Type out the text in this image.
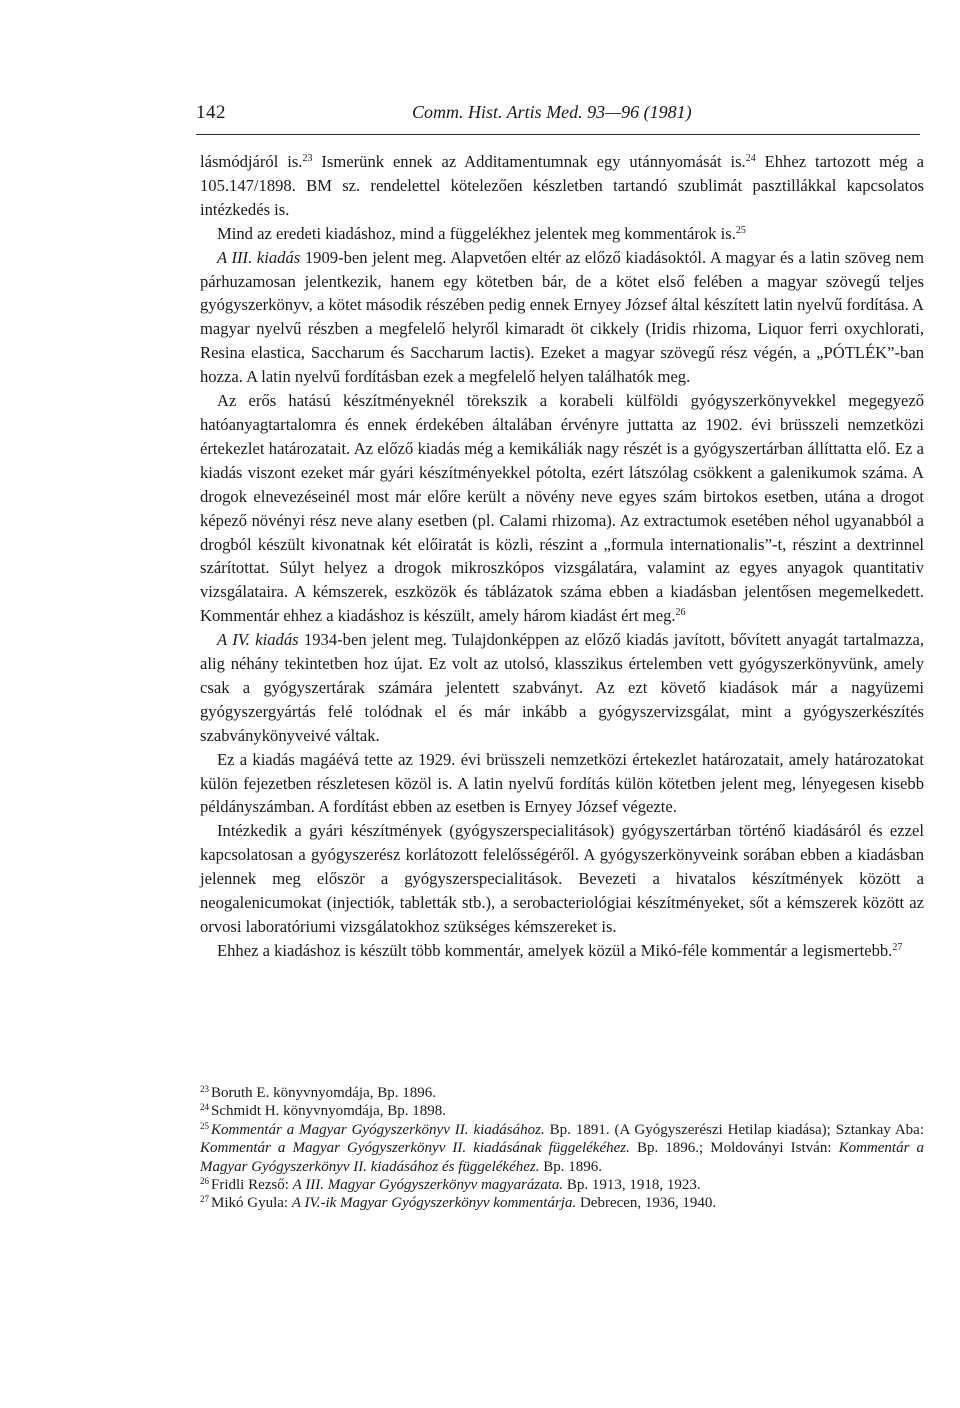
142	Comm. Hist. Artis Med. 93—96 (1981)

lásmódjáról is.$^{23}$ Ismerünk ennek az Additamentumnak egy utánnyomását is.$^{24}$ Ehhez tartozott még a 105.147/1898. BM sz. rendelettel kötelezően készletben tartandó szublimát pasztillákkal kapcsolatos intézkedés is.

Mind az eredeti kiadáshoz, mind a függelékhez jelentek meg kommentárok is.$^{25}$

A III. kiadás 1909-ben jelent meg. Alapvetően eltér az előző kiadásoktól. A magyar és a latin szöveg nem párhuzamosan jelentkezik, hanem egy kötetben bár, de a kötet első felében a magyar szövegű teljes gyógyszerkönyv, a kötet második részében pedig ennek Ernyey József által készített latin nyelvű fordítása. A magyar nyelvű részben a megfelelő helyről kimaradt öt cikkely (Iridis rhizoma, Liquor ferri oxychlorati, Resina elastica, Saccharum és Saccharum lactis). Ezeket a magyar szövegű rész végén, a „PÓTLÉK”-ban hozza. A latin nyelvű fordításban ezek a megfelelő helyen találhatók meg.

Az erős hatású készítményeknél törekszik a korabeli külföldi gyógyszerkönyvekkel megegyező hatóanyagtartalomra és ennek érdekében általában érvényre juttatta az 1902. évi brüsszeli nemzetközi értekezlet határozatait. Az előző kiadás még a kemikáliák nagy részét is a gyógyszertárban állíttatta elő. Ez a kiadás viszont ezeket már gyári készítményekkel pótolta, ezért látszólag csökkent a galenikumok száma. A drogok elnevezéseinél most már előre került a növény neve egyes szám birtokos esetben, utána a drogot képező növényi rész neve alany esetben (pl. Calami rhizoma). Az extractumok esetében néhol ugyanabból a drogból készült kivonatnak két előiratát is közli, részint a „formula internationalis”-t, részint a dextrinnel szárítottat. Súlyt helyez a drogok mikroszkópos vizsgálatára, valamint az egyes anyagok quantitativ vizsgálataira. A kémszerek, eszközök és táblázatok száma ebben a kiadásban jelentősen megemelkedett. Kommentár ehhez a kiadáshoz is készült, amely három kiadást ért meg.$^{26}$

A IV. kiadás 1934-ben jelent meg. Tulajdonképpen az előző kiadás javított, bővített anyagát tartalmazza, alig néhány tekintetben hoz újat. Ez volt az utolsó, klasszikus értelemben vett gyógyszerkönyvünk, amely csak a gyógyszertárak számára jelentett szabványt. Az ezt követő kiadások már a nagyüzemi gyógyszergyártás felé tolódnak el és már inkább a gyógyszervizsgálat, mint a gyógyszerkészítés szabványkönyveivé váltak.

Ez a kiadás magáévá tette az 1929. évi brüsszeli nemzetközi értekezlet határozatait, amely határozatokat külön fejezetben részletesen közöl is. A latin nyelvű fordítás külön kötetben jelent meg, lényegesen kisebb példányszámban. A fordítást ebben az esetben is Ernyey József végezte.

Intézkedik a gyári készítmények (gyógyszerspecialitások) gyógyszertárban történő kiadásáról és ezzel kapcsolatosan a gyógyszerész korlátozott felelősségéről. A gyógyszerkönyveink sorában ebben a kiadásban jelennek meg először a gyógyszerspecialitások. Bevezeti a hivatalos készítmények között a neogalenicumokat (injectiók, tabletták stb.), a serobacteriológiai készítményeket, sőt a kémszerek között az orvosi laboratóriumi vizsgálatokhoz szükséges kémszereket is.

Ehhez a kiadáshoz is készült több kommentár, amelyek közül a Mikó-féle kommentár a legismertebb.$^{27}$

$^{23}$ Boruth E. könyvnyomdája, Bp. 1896.

$^{24}$ Schmidt H. könyvnyomdája, Bp. 1898.

$^{25}$ Kommentár a Magyar Gyógyszerkönyv II. kiadásához. Bp. 1891. (A Gyógyszerészi Hetilap kiadása); Sztankay Aba: Kommentár a Magyar Gyógyszerkönyv II. kiadásának függelékéhez. Bp. 1896.; Moldoványi István: Kommentár a Magyar Gyógyszerkönyv II. kiadásához és függelékéhez. Bp. 1896.

$^{26}$ Fridli Rezső: A III. Magyar Gyógyszerkönyv magyarázata. Bp. 1913, 1918, 1923.

$^{27}$ Mikó Gyula: A IV.-ik Magyar Gyógyszerkönyv kommentárja. Debrecen, 1936, 1940.
